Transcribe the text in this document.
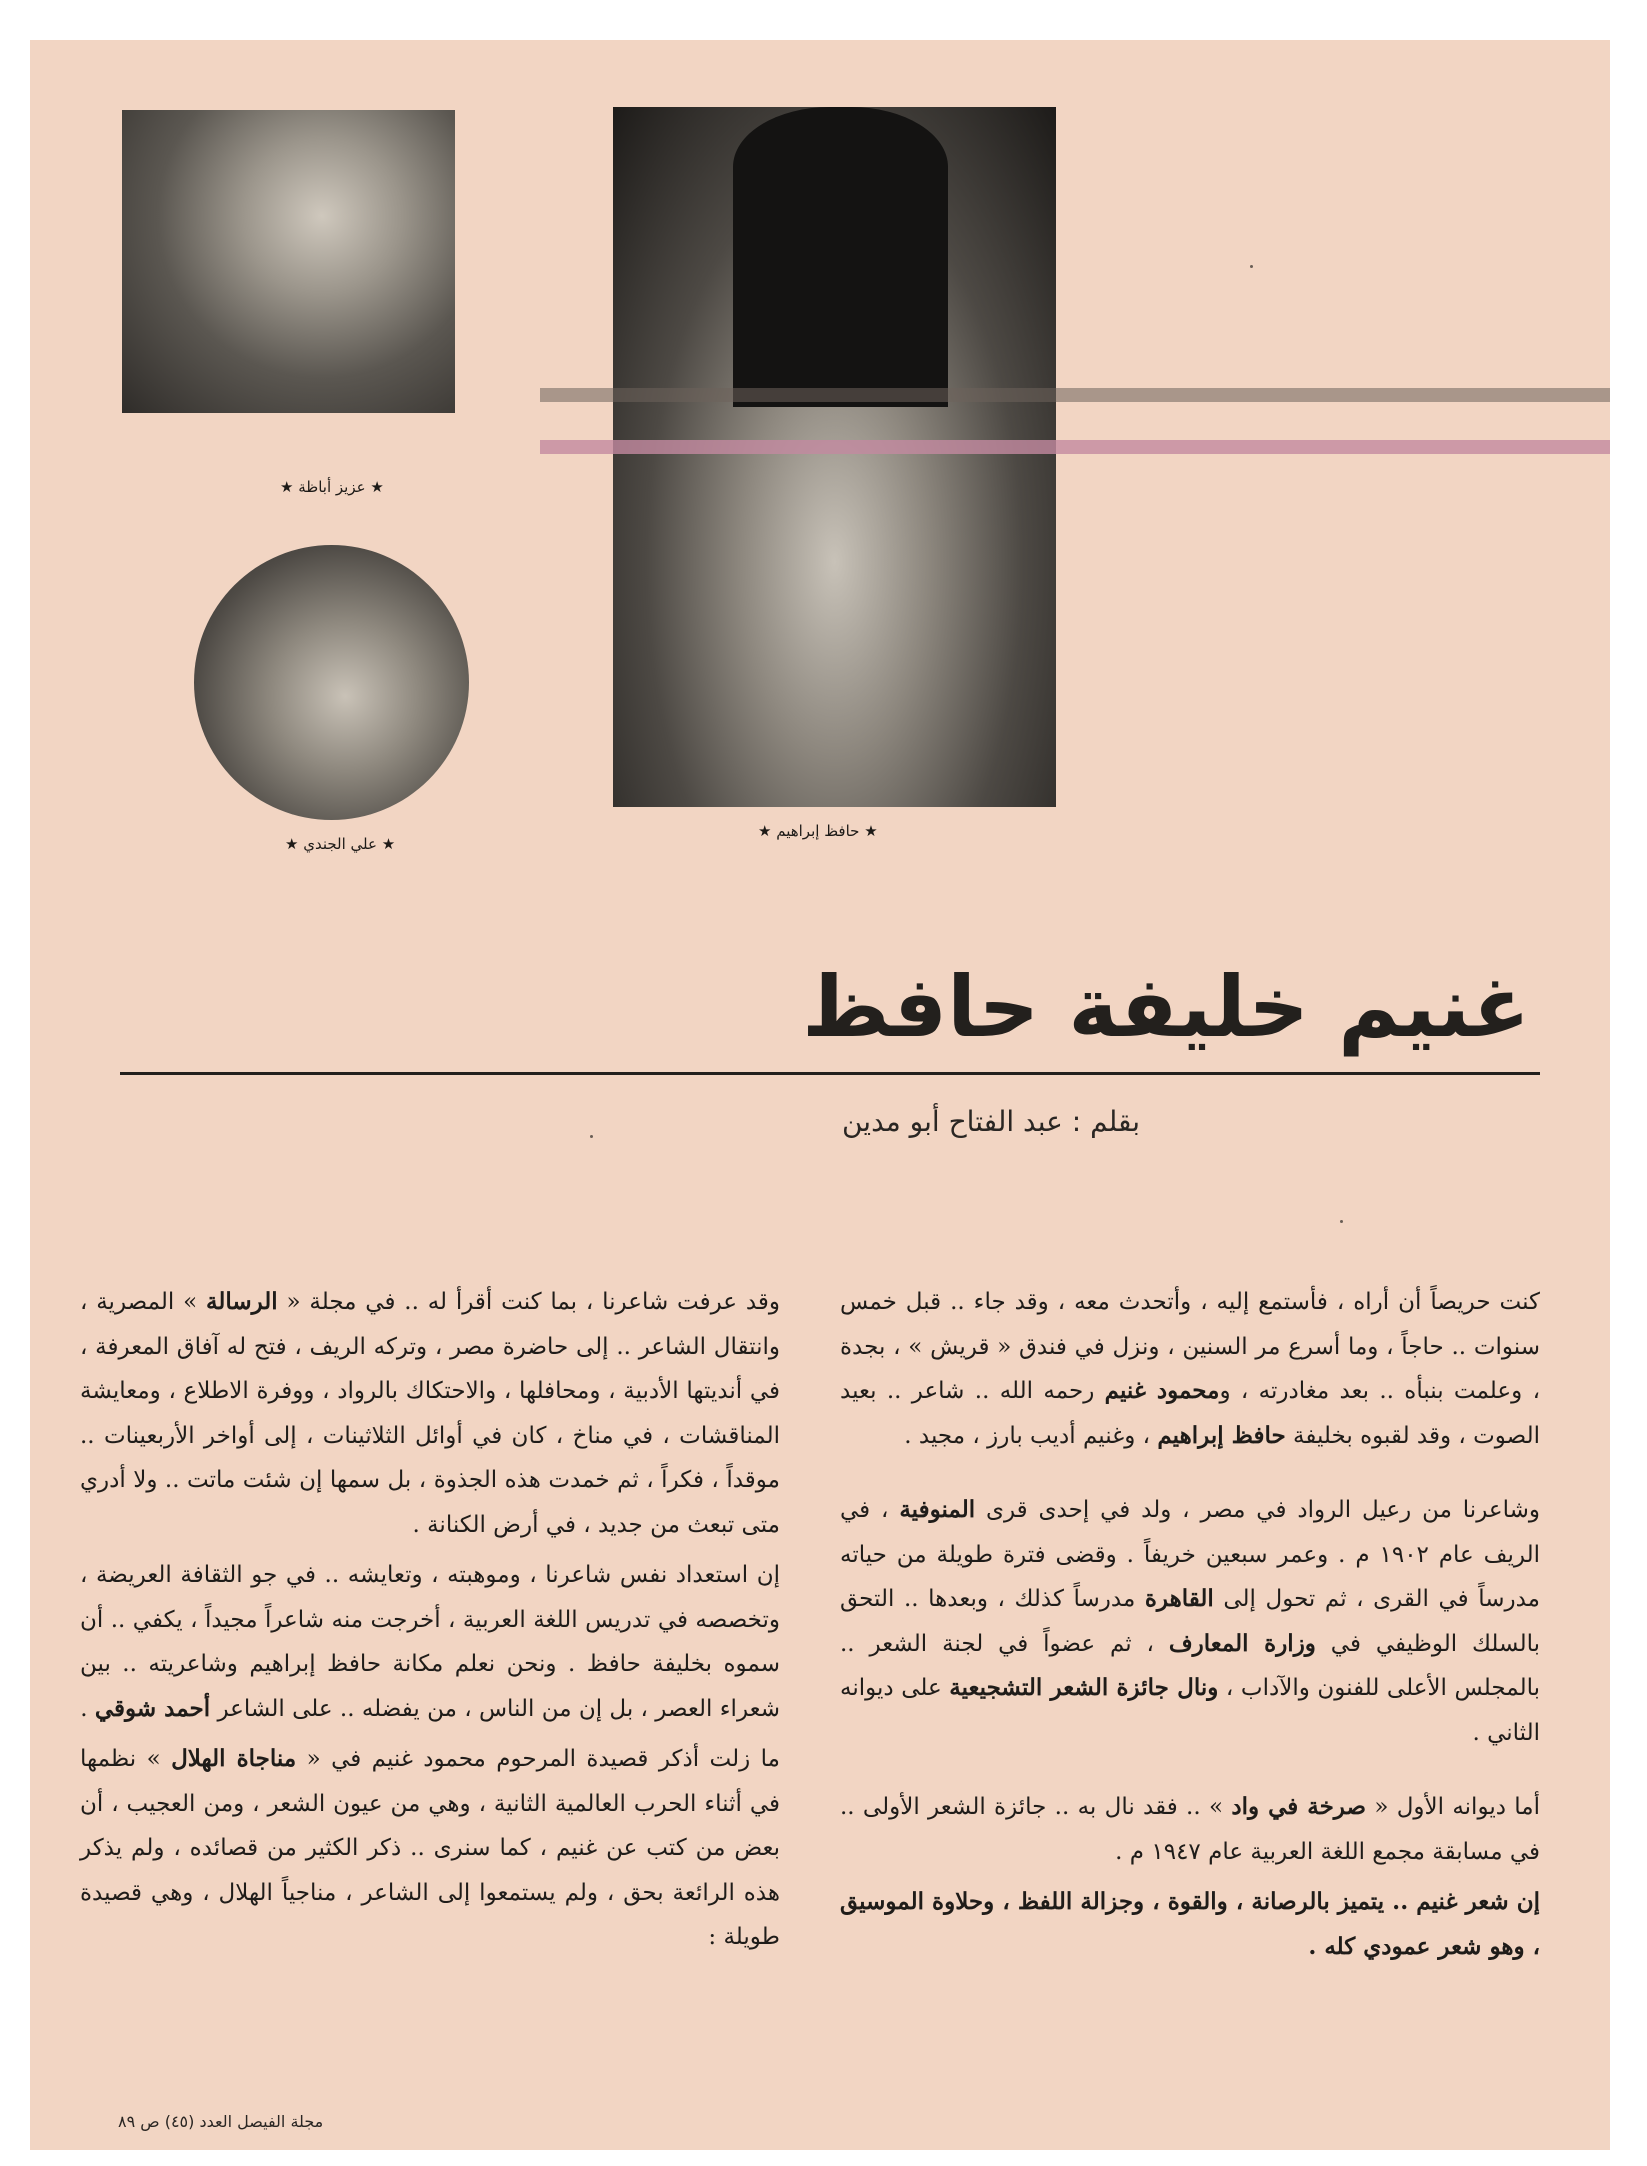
★ عزيز أباظة ★
★ حافظ إبراهيم ★
★ علي الجندي ★
غنيم خليفة حافظ
بقلم : عبد الفتاح أبو مدين

كنت حريصاً أن أراه ، فأستمع إليه ، وأتحدث معه ، وقد جاء .. قبل خمس سنوات .. حاجاً ، وما أسرع مر السنين ، ونزل في فندق « قريش » ، بجدة ، وعلمت بنبأه .. بعد مغادرته ، ومحمود غنيم رحمه الله .. شاعر .. بعيد الصوت ، وقد لقبوه بخليفة حافظ إبراهيم ، وغنيم أديب بارز ، مجيد .

وشاعرنا من رعيل الرواد في مصر ، ولد في إحدى قرى المنوفية ، في الريف عام ١٩٠٢ م . وعمر سبعين خريفاً . وقضى فترة طويلة من حياته مدرساً في القرى ، ثم تحول إلى القاهرة مدرساً كذلك ، وبعدها .. التحق بالسلك الوظيفي في وزارة المعارف ، ثم عضواً في لجنة الشعر .. بالمجلس الأعلى للفنون والآداب ، ونال جائزة الشعر التشجيعية على ديوانه الثاني .

أما ديوانه الأول « صرخة في واد » .. فقد نال به .. جائزة الشعر الأولى .. في مسابقة مجمع اللغة العربية عام ١٩٤٧ م .

إن شعر غنيم .. يتميز بالرصانة ، والقوة ، وجزالة اللفظ ، وحلاوة الموسيق ، وهو شعر عمودي كله .

وقد عرفت شاعرنا ، بما كنت أقرأ له .. في مجلة « الرسالة » المصرية ، وانتقال الشاعر .. إلى حاضرة مصر ، وتركه الريف ، فتح له آفاق المعرفة ، في أنديتها الأدبية ، ومحافلها ، والاحتكاك بالرواد ، ووفرة الاطلاع ، ومعايشة المناقشات ، في مناخ ، كان في أوائل الثلاثينات ، إلى أواخر الأربعينات .. موقداً ، فكراً ، ثم خمدت هذه الجذوة ، بل سمها إن شئت ماتت .. ولا أدري متى تبعث من جديد ، في أرض الكنانة .

إن استعداد نفس شاعرنا ، وموهبته ، وتعايشه .. في جو الثقافة العريضة ، وتخصصه في تدريس اللغة العربية ، أخرجت منه شاعراً مجيداً ، يكفي .. أن سموه بخليفة حافظ . ونحن نعلم مكانة حافظ إبراهيم وشاعريته .. بين شعراء العصر ، بل إن من الناس ، من يفضله .. على الشاعر أحمد شوقي .

ما زلت أذكر قصيدة المرحوم محمود غنيم في « مناجاة الهلال » نظمها في أثناء الحرب العالمية الثانية ، وهي من عيون الشعر ، ومن العجيب ، أن بعض من كتب عن غنيم ، كما سنرى .. ذكر الكثير من قصائده ، ولم يذكر هذه الرائعة بحق ، ولم يستمعوا إلى الشاعر ، مناجياً الهلال ، وهي قصيدة طويلة :

مجلة الفيصل العدد (٤٥) ص ٨٩
